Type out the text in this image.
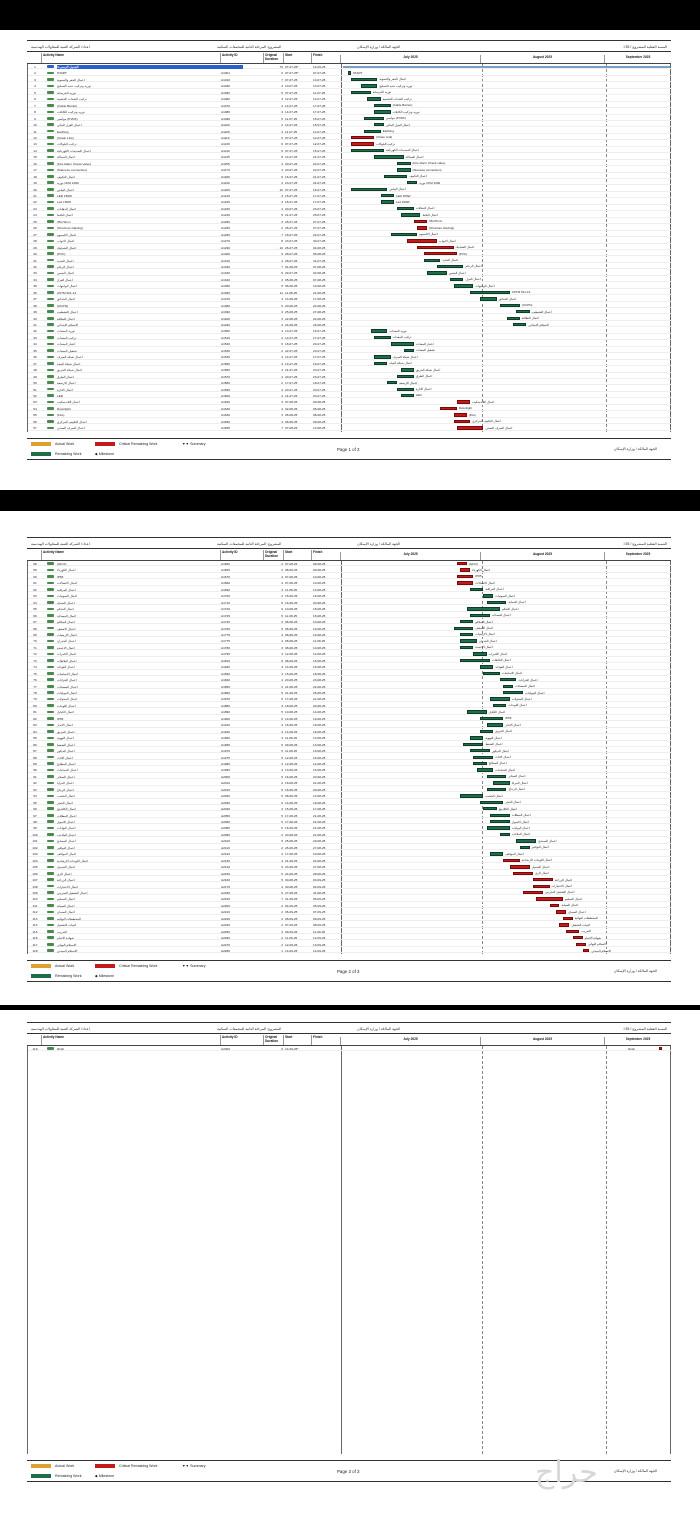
اعداد/ الشركة الفنية للمقاولات الهندسية	المشروع: المرحلة الثانية للمجمعات السكنية	الجهة المالكة / وزارة الإسكان	٪35 / النسبة الفعلية للمشروع
Activity Name	Activity ID	Original Duration
Start	Finish	July 2025	August 2025	September 2025
1	الجدول الزمني-3	70 07-07-25*	14-09-25
2	START	A1001	0 07-07-25*	07-07-25	START
3	اعمال الحفر والتسوية	A1010	7 07-07-25	13-07-25	اعمال الحفر والتسوية
4	توريد وتركيب حديد التسليح	A1030	4 10-07-25	13-07-25	توريد وتركيب حديد التسليح
5	توريد الخرسانة	A1050	5 07-07-25	11-07-25	توريد الخرسانة
6	تركيب الشدات الخشبية	A1060	3 12-07-25	14-07-25	تركيب الشدات الخشبية
7	(Cable Barrier)	A1070	4 14-07-25	17-07-25	(Cable Barrier)
8	توريد وتركيب الكابلات	A1080	4 14-07-25	17-07-25	توريد وتركيب الكابلات
9	مواسير (PVDF)	A1090	5 11-07-25	15-07-25	مواسير (PVDF)
10	اعمال العزل المائي	A1100	2 14-07-25	15-07-25	اعمال العزل المائي
11	Earthing	A1105	4 11-07-25	14-07-25	Earthing
12	(Chain Link)	A1110	6 07-07-25	12-07-25	(Chain Link)
13	تركيب البلوكات	A1130	6 07-07-25	12-07-25	تركيب البلوكات
14	اعمال التمديدات الكهربائية	A1140	9 07-07-25	15-07-25	اعمال التمديدات الكهربائية
15	اعمال السباكة	A1145	8 14-07-25	21-07-25	اعمال السباكة
16	(Fire Alarm Check valve)	A1155	3 20-07-25	22-07-25	(Fire Alarm Check valve)
17	(Siamese connection)	A1170	3 20-07-25	22-07-25	(Siamese connection)
18	اعمال التكييف	A1180	6 16-07-25	21-07-25	اعمال التكييف
19	توريد CFM 1000	A1190	2 23-07-25	24-07-25	توريد CFM 1000
20	اعمال البياض	A1200	10 07-07-25	16-07-25	اعمال البياض
21	LED 150W	A1215	3 15-07-25	17-07-25	LED 150W
22	Led 150W	A1225	3 15-07-25	17-07-25	Led 150W
23	اعمال الدهانات	A1230	4 20-07-25	23-07-25	اعمال الدهانات
24	اعمال البلاط	A1240	5 21-07-25	25-07-25	اعمال البلاط
25	35x70mm	A1250	3 25-07-25	27-07-25	35x70mm
26	(Structure Glazing)	A1260	2 26-07-25	27-07-25	(Structure Glazing)
27	اعمال الالمنيوم	A1265	7 18-07-25	24-07-25	اعمال الالمنيوم
28	اعمال الابواب	A1270	8 23-07-25	30-07-25	اعمال الابواب
29	اعمال الشبابيك	A1290	10 26-07-25	04-08-25	اعمال الشبابيك
30	(PVC)	A1300	9 28-07-25	05-08-25	(PVC)
31	اعمال الحديد	A1310	4 28-07-25	31-07-25	اعمال الحديد
32	اعمال الرخام	A1320	7 01-08-25	07-08-25	اعمال الرخام
33	اعمال الجبس	A1330	5 29-07-25	02-08-25	اعمال الجبس
34	اعمال العزل	A1340	3 05-08-25	07-08-25	اعمال العزل
35	اعمال الواجهات	A1350	5 06-08-25	10-08-25	اعمال الواجهات
36	ASTM 521-13	A1360	11 11-08-25	21-08-25	ASTM 521-13
37	اعمال الحدائق	A1370	4 14-08-25	17-08-25	اعمال الحدائق
38	(OCPN)	A1380	5 20-08-25	24-08-25	(OCPN)
39	اعمال التشطيب	A1390	3 25-08-25	27-08-25	اعمال التشطيب
40	اعمال النظافة	A1400	3 22-08-25	24-08-25	اعمال النظافة
41	الاستلام الابتدائي	A1490	3 24-08-25	26-08-25	الاستلام الابتدائي
42	توريد المعدات	A1500	4 13-07-25	16-07-25	توريد المعدات
43	تركيب المعدات	A1510	4 14-07-25	17-07-25	تركيب المعدات
44	اختبار المعدات	A1520	6 18-07-25	23-07-25	اختبار المعدات
45	تشغيل المعدات	A1530	2 22-07-25	23-07-25	تشغيل المعدات
46	اعمال شبكة الصرف	A1540	4 14-07-25	17-07-25	اعمال شبكة الصرف
47	اعمال شبكة المياه	A1550	3 14-07-25	16-07-25	اعمال شبكة المياه
48	اعمال شبكة الحريق	A1560	3 21-07-25	23-07-25	اعمال شبكة الحريق
49	اعمال الطرق	A1570	4 20-07-25	23-07-25	اعمال الطرق
50	اعمال الارصفة	A1580	2 17-07-25	18-07-25	اعمال الارصفة
51	اعمال الانارة	A1590	4 20-07-25	23-07-25	اعمال الانارة
52	LED	A1600	3 21-07-25	23-07-25	LED
53	اعمال اللاندسكيب	A1620	3 07-08-25	09-08-25	اعمال اللاندسكيب
54	Downlight	A1630	4 02-08-25	05-08-25	Downlight
55	(Fire)	A1640	3 06-08-25	08-08-25	(Fire)
56	اعمال التكييف المركزي	A1650	4 06-08-25	09-08-25	اعمال التكييف المركزي
57	اعمال الصرف الصحي	A1655	7 07-08-25	13-08-25	اعمال الصرف الصحي
Actual Work
Remaining Work
Critical Remaining Work
◆ Milestone
▼▼ Summary
Page 1 of 3	الجهة المالكة / وزارة الإسكان
اعداد/ الشركة الفنية للمقاولات الهندسية	المشروع: المرحلة الثانية للمجمعات السكنية	الجهة المالكة / وزارة الإسكان	٪35 / النسبة الفعلية للمشروع
Activity Name	Activity ID	Original Duration
Start	Finish	July 2025	August 2025	September 2025
58	(GFCI)	A1660	2 07-08-25	08-08-25	(GFCI)
59	اعمال الكهرباء	A1665	2 08-08-25	09-08-25	اعمال الكهرباء
60	IP65	A1670	4 07-08-25	10-08-25	IP65
61	اعمال الاتصالات	A1680	4 07-08-25	10-08-25	اعمال الاتصالات
62	اعمال المراقبة	A1690	3 11-08-25	13-08-25	اعمال المراقبة
63	اعمال الصوتيات	A1700	2 15-08-25	16-08-25	اعمال الصوتيات
64	اعمال الحماية	A1710	5 16-08-25	20-08-25	اعمال الحماية
65	اعمال التحكم	A1720	9 10-08-25	18-08-25	اعمال التحكم
66	اعمال المصاعد	A1725	5 11-08-25	15-08-25	اعمال المصاعد
67	اعمال السلالم	A1730	3 08-08-25	10-08-25	اعمال السلالم
68	اعمال الاسقف	A1760	5 06-08-25	10-08-25	اعمال الاسقف
69	اعمال الارضيات	A1770	3 08-08-25	10-08-25	اعمال الارضيات
70	اعمال الجدران	A1775	4 08-08-25	11-08-25	اعمال الجدران
71	اعمال الاعمدة	A1780	3 08-08-25	10-08-25	اعمال الاعمدة
72	اعمال الكمرات	A1790	3 12-08-25	14-08-25	اعمال الكمرات
73	اعمال البلاطات	A1810	8 08-08-25	15-08-25	اعمال البلاطات
74	اعمال القواعد	A1820	3 14-08-25	16-08-25	اعمال القواعد
75	اعمال الاساسات	A1830	4 15-08-25	18-08-25	اعمال الاساسات
76	اعمال الخزانات	A1840	4 20-08-25	23-08-25	اعمال الخزانات
77	اعمال المضخات	A1850	2 21-08-25	22-08-25	اعمال المضخات
78	اعمال المولدات	A1860	5 21-08-25	25-08-25	اعمال المولدات
79	اعمال المحولات	A1870	5 17-08-25	21-08-25	اعمال المحولات
80	اعمال اللوحات	A1880	3 18-08-25	20-08-25	اعمال اللوحات
81	اعمال الكيابل	A1890	5 10-08-25	14-08-25	اعمال الكيابل
82	IP65	A1900	6 14-08-25	19-08-25	IP65
83	اعمال الانذار	A1910	4 16-08-25	19-08-25	اعمال الانذار
84	اعمال الحريق	A1920	3 14-08-25	16-08-25	اعمال الحريق
85	اعمال التهوية	A1960	3 11-08-25	13-08-25	اعمال التهوية
86	اعمال الشفط	A1965	5 09-08-25	13-08-25	اعمال الشفط
87	اعمال الديكور	A1970	5 11-08-25	15-08-25	اعمال الديكور
88	اعمال الاثاث	A1975	5 12-08-25	16-08-25	اعمال الاثاث
89	اعمال المطابخ	A1980	3 12-08-25	14-08-25	اعمال المطابخ
90	اعمال الحمامات	A1990	4 13-08-25	16-08-25	اعمال الحمامات
91	اعمال الستائر	A2000	5 16-08-25	20-08-25	اعمال الستائر
92	اعمال المرايا	A2010	4 18-08-25	21-08-25	اعمال المرايا
93	اعمال الزجاج	A2015	5 16-08-25	20-08-25	اعمال الزجاج
94	اعمال الخشب	A2020	6 08-08-25	13-08-25	اعمال الخشب
95	اعمال الحجر	A2030	6 14-08-25	19-08-25	اعمال الحجر
96	اعمال الكلادينج	A2040	3 15-08-25	17-08-25	اعمال الكلادينج
97	اعمال المظلات	A2050	5 17-08-25	21-08-25	اعمال المظلات
98	اعمال الاسوار	A2060	5 17-08-25	21-08-25	اعمال الاسوار
99	اعمال البوابات	A2080	6 16-08-25	21-08-25	اعمال البوابات
100	اعمال الملاعب	A2090	2 20-08-25	21-08-25	اعمال الملاعب
101	اعمال المسابح	A2100	5 25-08-25	29-08-25	اعمال المسابح
102	اعمال النوافير	A2110	2 26-08-25	27-08-25	اعمال النوافير
103	اعمال المواقف	A2120	3 17-08-25	19-08-25	اعمال المواقف
104	اعمال اللوحات الارشادية	A2130	4 21-08-25	24-08-25	اعمال اللوحات الارشادية
105	اعمال التجميل	A2140	5 23-08-25	27-08-25	اعمال التجميل
106	اعمال الري	A2150	5 24-08-25	28-08-25	اعمال الري
107	اعمال الزراعة	A2160	5 30-08-25	03-09-25	اعمال الزراعة
108	اعمال الاختبارات	A2170	4 30-08-25	02-09-25	اعمال الاختبارات
109	اعمال التشغيل التجريبي	A2180	5 27-08-25	31-08-25	اعمال التشغيل التجريبي
110	اعمال التسليم	A2190	7 31-08-25	06-09-25	اعمال التسليم
111	اعمال الصيانة	A2200	2 04-09-25	05-09-25	اعمال الصيانة
112	اعمال الضمان	A2210	2 06-09-25	07-09-25	اعمال الضمان
113	المخططات النهائية	A2220	2 08-09-25	09-09-25	المخططات النهائية
114	كتيبات التشغيل	A2240	2 07-09-25	08-09-25	كتيبات التشغيل
115	التدريب	A2250	3 09-09-25	11-09-25	التدريب
116	شهادة الاتمام	A2260	2 11-09-25	12-09-25	شهادة الاتمام
117	الاستلام النهائي	A2270	2 12-09-25	13-09-25	الاستلام النهائي
118	الاستلام المبدئي	A2280	1 14-09-25	14-09-25	الاستلام المبدئي
Actual Work
Remaining Work
Critical Remaining Work
◆ Milestone
▼▼ Summary
Page 2 of 3	الجهة المالكة / وزارة الإسكان
اعداد/ الشركة الفنية للمقاولات الهندسية	المشروع: المرحلة الثانية للمجمعات السكنية	الجهة المالكة / وزارة الإسكان	٪35 / النسبة الفعلية للمشروع
Activity Name	Activity ID	Original Duration
Start	Finish	July 2025	August 2025	September 2025
119	finish	A2300	0 14-09-25*	finish
Actual Work
Remaining Work
Critical Remaining Work
◆ Milestone
▼▼ Summary
Page 3 of 3	الجهة المالكة / وزارة الإسكان
حراج
